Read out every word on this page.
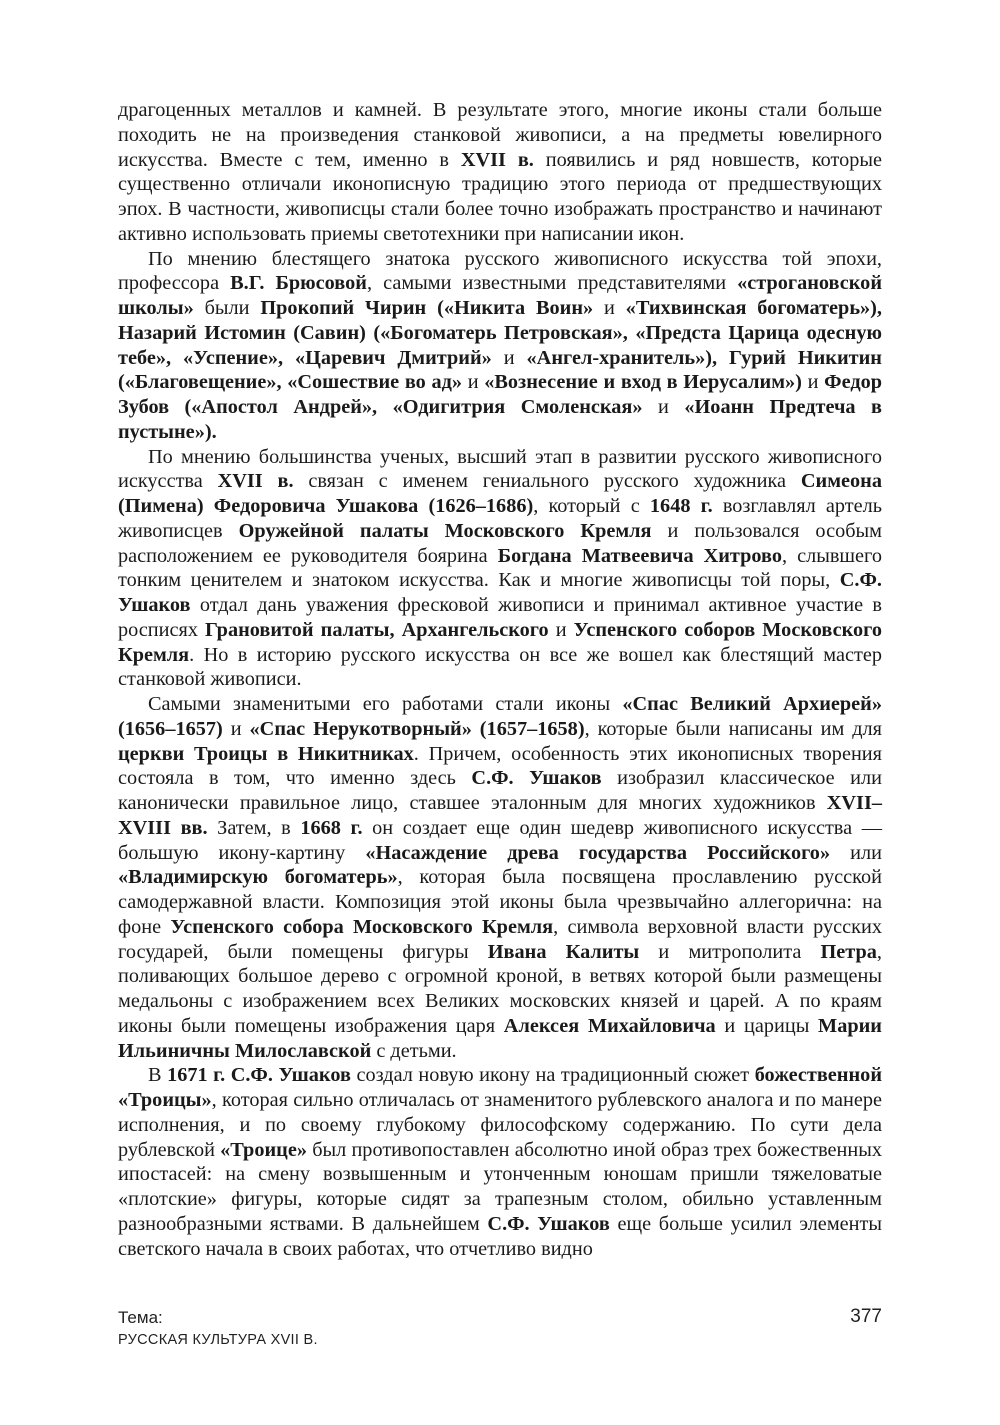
драгоценных металлов и камней. В результате этого, многие иконы стали больше походить не на произведения станковой живописи, а на предметы ювелирного искусства. Вместе с тем, именно в XVII в. появились и ряд новшеств, которые существенно отличали иконописную традицию этого периода от предшествующих эпох. В частности, живописцы стали более точно изображать пространство и начинают активно использовать приемы светотехники при написании икон.

По мнению блестящего знатока русского живописного искусства той эпохи, профессора В.Г. Брюсовой, самыми известными представителями «строгановской школы» были Прокопий Чирин («Никита Воин» и «Тихвинская богоматерь»), Назарий Истомин (Савин) («Богоматерь Петровская», «Предста Царица одесную тебе», «Успение», «Царевич Дмитрий» и «Ангел-хранитель»), Гурий Никитин («Благовещение», «Сошествие во ад» и «Вознесение и вход в Иерусалим») и Федор Зубов («Апостол Андрей», «Одигитрия Смоленская» и «Иоанн Предтеча в пустыне»).

По мнению большинства ученых, высший этап в развитии русского живописного искусства XVII в. связан с именем гениального русского художника Симеона (Пимена) Федоровича Ушакова (1626–1686), который с 1648 г. возглавлял артель живописцев Оружейной палаты Московского Кремля и пользовался особым расположением ее руководителя боярина Богдана Матвеевича Хитрово, слывшего тонким ценителем и знатоком искусства. Как и многие живописцы той поры, С.Ф. Ушаков отдал дань уважения фресковой живописи и принимал активное участие в росписях Грановитой палаты, Архангельского и Успенского соборов Московского Кремля. Но в историю русского искусства он все же вошел как блестящий мастер станковой живописи.

Самыми знаменитыми его работами стали иконы «Спас Великий Архиерей» (1656–1657) и «Спас Нерукотворный» (1657–1658), которые были написаны им для церкви Троицы в Никитниках. Причем, особенность этих иконописных творения состояла в том, что именно здесь С.Ф. Ушаков изобразил классическое или канонически правильное лицо, ставшее эталонным для многих художников XVII–XVIII вв. Затем, в 1668 г. он создает еще один шедевр живописного искусства — большую икону-картину «Насаждение древа государства Российского» или «Владимирскую богоматерь», которая была посвящена прославлению русской самодержавной власти. Композиция этой иконы была чрезвычайно аллегорична: на фоне Успенского собора Московского Кремля, символа верховной власти русских государей, были помещены фигуры Ивана Калиты и митрополита Петра, поливающих большое дерево с огромной кроной, в ветвях которой были размещены медальоны с изображением всех Великих московских князей и царей. А по краям иконы были помещены изображения царя Алексея Михайловича и царицы Марии Ильиничны Милославской с детьми.

В 1671 г. С.Ф. Ушаков создал новую икону на традиционный сюжет божественной «Троицы», которая сильно отличалась от знаменитого рублевского аналога и по манере исполнения, и по своему глубокому философскому содержанию. По сути дела рублевской «Троице» был противопоставлен абсолютно иной образ трех божественных ипостасей: на смену возвышенным и утонченным юношам пришли тяжеловатые «плотские» фигуры, которые сидят за трапезным столом, обильно уставленным разнообразными яствами. В дальнейшем С.Ф. Ушаков еще больше усилил элементы светского начала в своих работах, что отчетливо видно

Тема:
РУССКАЯ КУЛЬТУРА XVII В.
377
